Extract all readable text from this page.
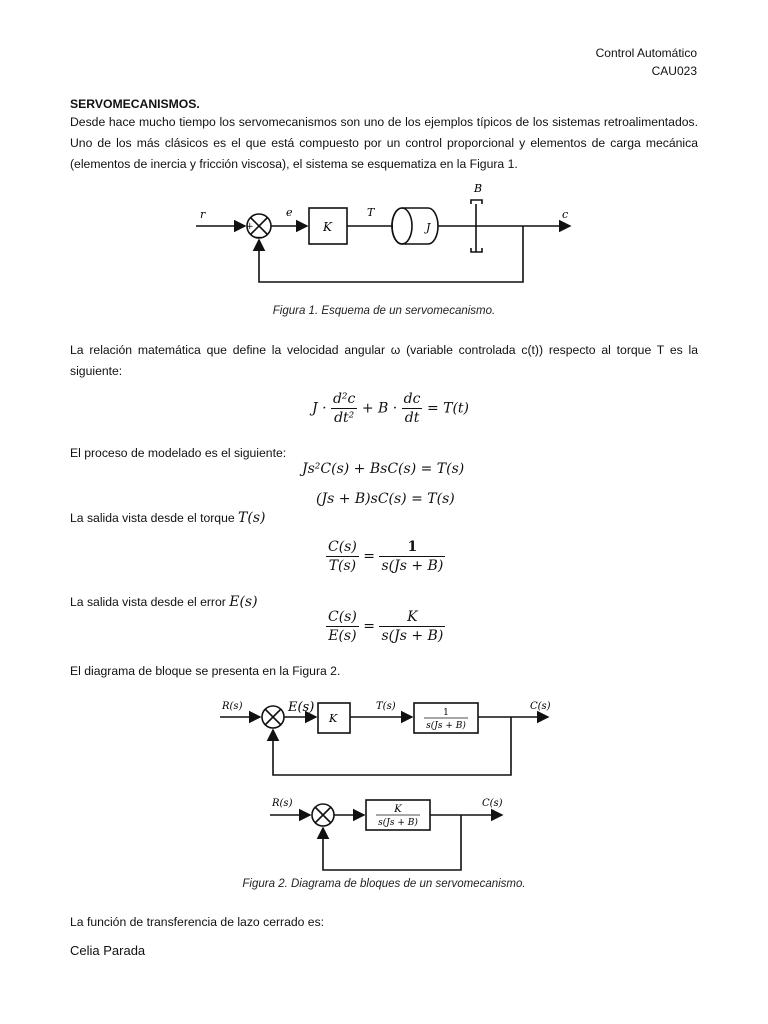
Control Automático
CAU023
SERVOMECANISMOS.
Desde hace mucho tiempo los servomecanismos son uno de los ejemplos típicos de los sistemas retroalimentados. Uno de los más clásicos es el que está compuesto por un control proporcional y elementos de carga mecánica (elementos de inercia y fricción viscosa), el sistema se esquematiza en la Figura 1.
r	e
K
T
J
B
c
+
−
Figura 1. Esquema de un servomecanismo.
La relación matemática que define la velocidad angular ω (variable controlada c(t)) respecto al torque T es la siguiente:
$J \cdot \frac{\text{d²c}}{\text{dt²}} + B \cdot \frac{dc}{dt} = T(t)$
El proceso de modelado es el siguiente:
Js²C(s) + BsC(s) = T(s)
(Js + B)sC(s) = T(s)
La salida vista desde el torque T(s)
$\frac{C(s)}{T(s)} = \frac{1}{s(Js + B)}$
La salida vista desde el error E(s)
$\frac{C(s)}{E(s)} = \frac{K}{s(Js + B)}$
El diagrama de bloque se presenta en la Figura 2.
R(s)	E(s)
K
T(s)
1
s(Js + B)
C(s)
R(s)
K
s(Js + B)
C(s)
Figura 2. Diagrama de bloques de un servomecanismo.
La función de transferencia de lazo cerrado es:
Celia Parada
